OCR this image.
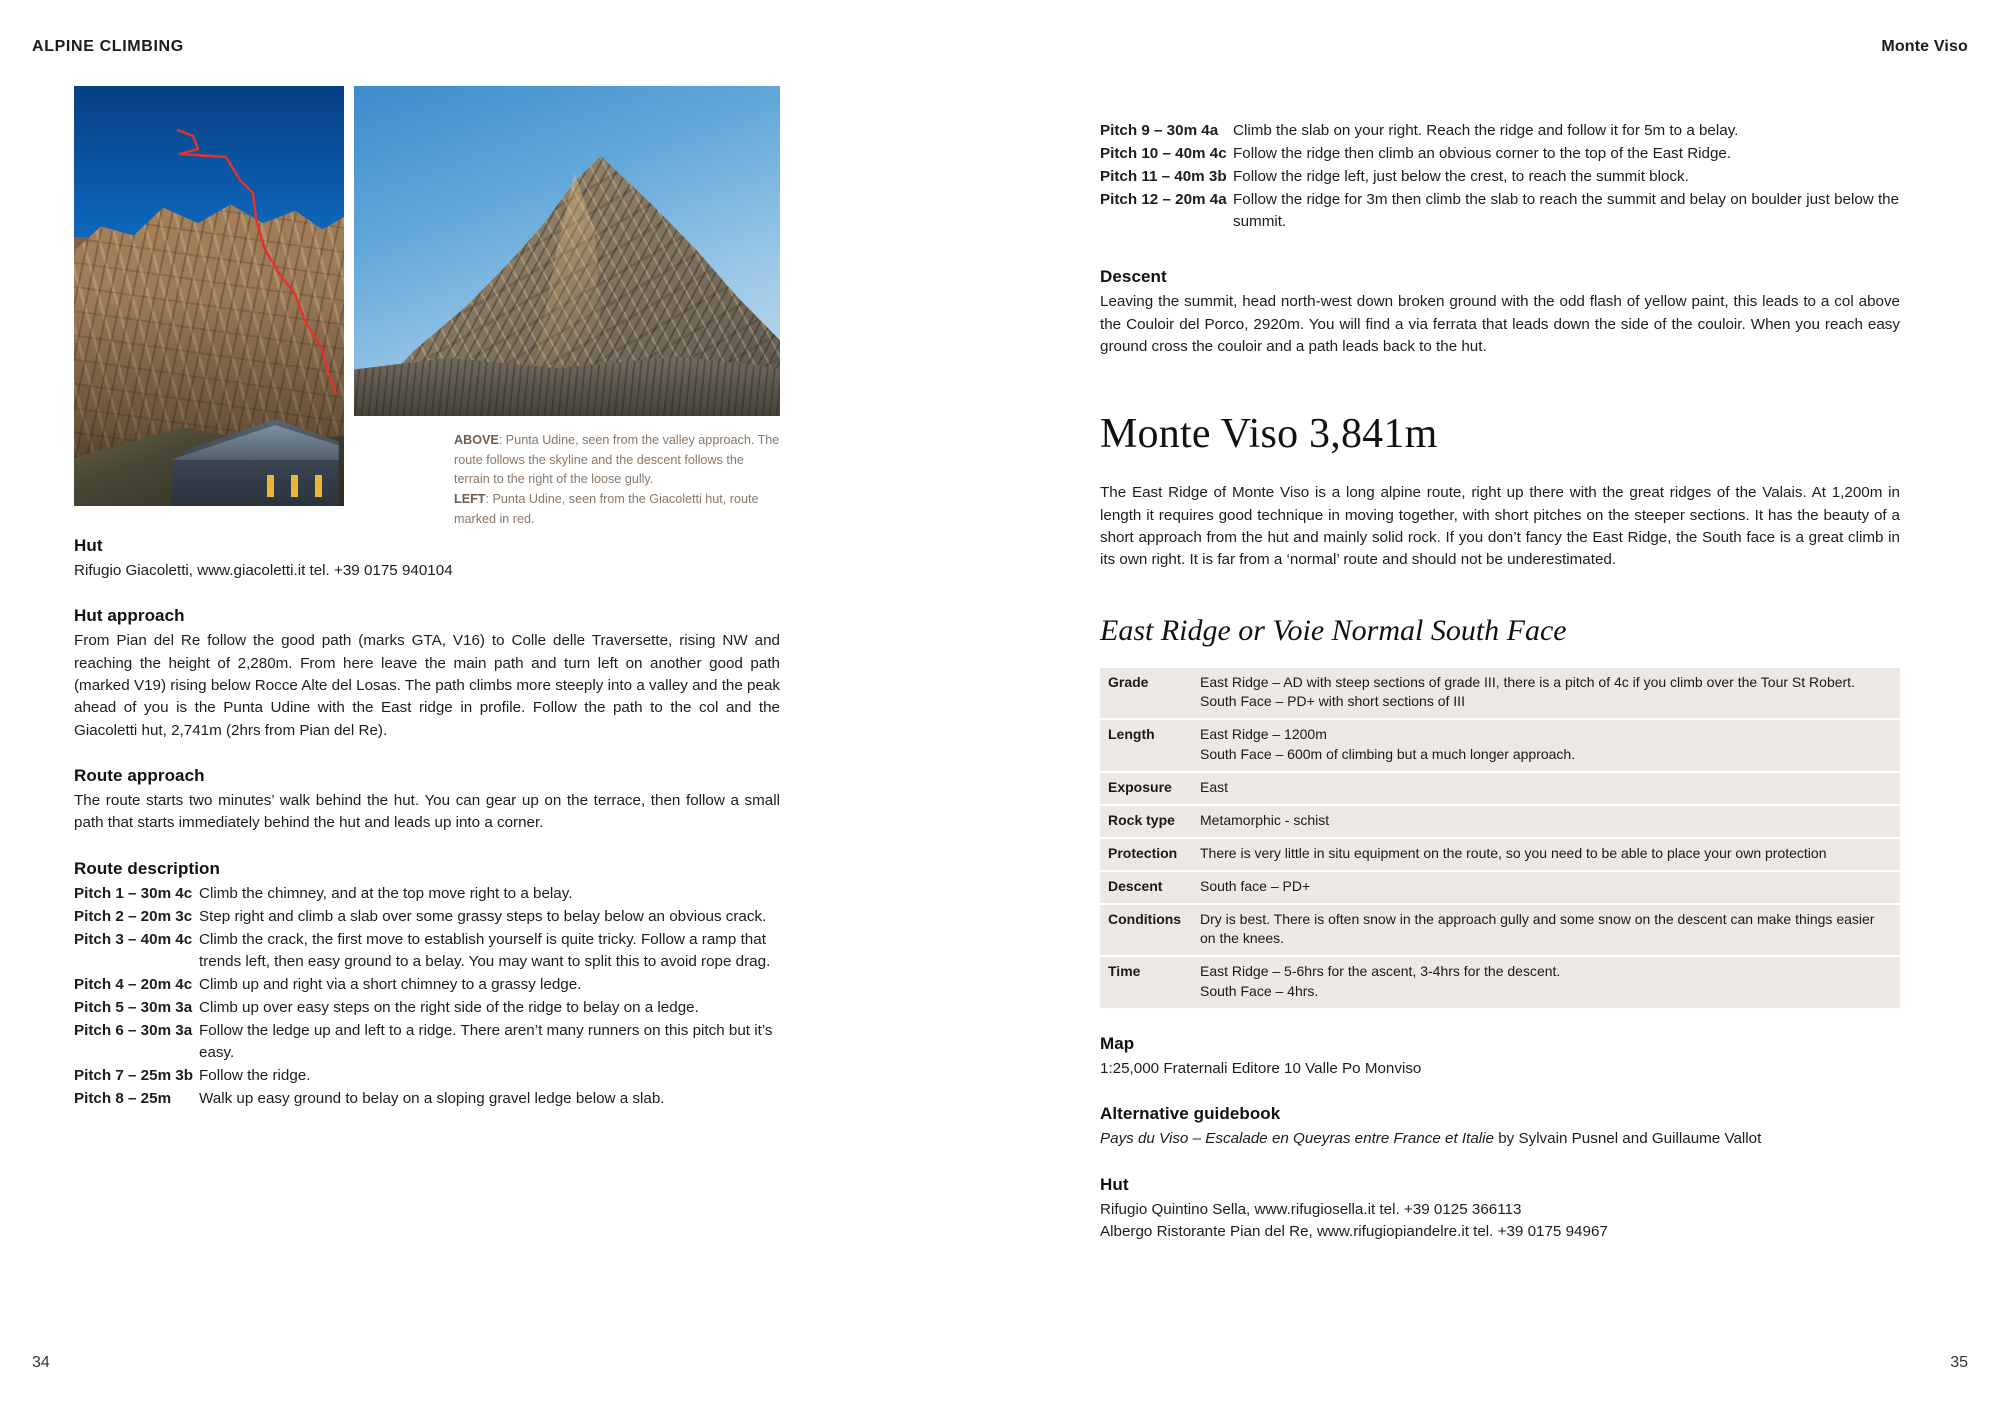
ALPINE CLIMBING	Monte Viso
34	35
ABOVE: Punta Udine, seen from the valley approach. The route follows the skyline and the descent follows the terrain to the right of the loose gully.
LEFT: Punta Udine, seen from the Giacoletti hut, route marked in red.
Hut

Rifugio Giacoletti, www.giacoletti.it tel. +39 0175 940104

Hut approach

From Pian del Re follow the good path (marks GTA, V16) to Colle delle Traversette, rising NW and reaching the height of 2,280m. From here leave the main path and turn left on another good path (marked V19) rising below Rocce Alte del Losas. The path climbs more steeply into a valley and the peak ahead of you is the Punta Udine with the East ridge in profile. Follow the path to the col and the Giacoletti hut, 2,741m (2hrs from Pian del Re).

Route approach

The route starts two minutes’ walk behind the hut. You can gear up on the terrace, then follow a small path that starts immediately behind the hut and leads up into a corner.

Route description
Pitch 1 – 30m 4c Climb the chimney, and at the top move right to a belay.
Pitch 2 – 20m 3c Step right and climb a slab over some grassy steps to belay below an obvious crack.
Pitch 3 – 40m 4c Climb the crack, the first move to establish yourself is quite tricky. Follow a ramp that trends left, then easy ground to a belay. You may want to split this to avoid rope drag.
Pitch 4 – 20m 4c Climb up and right via a short chimney to a grassy ledge.
Pitch 5 – 30m 3a Climb up over easy steps on the right side of the ridge to belay on a ledge.
Pitch 6 – 30m 3a Follow the ledge up and left to a ridge. There aren’t many runners on this pitch but it’s easy.
Pitch 7 – 25m 3b Follow the ridge.
Pitch 8 – 25m	Walk up easy ground to belay on a sloping gravel ledge below a slab.
Pitch 9 – 30m 4a Climb the slab on your right. Reach the ridge and follow it for 5m to a belay.
Pitch 10 – 40m 4c Follow the ridge then climb an obvious corner to the top of the East Ridge.
Pitch 11 – 40m 3b Follow the ridge left, just below the crest, to reach the summit block.
Pitch 12 – 20m 4a Follow the ridge for 3m then climb the slab to reach the summit and belay on boulder just below the summit.
Descent

Leaving the summit, head north-west down broken ground with the odd flash of yellow paint, this leads to a col above the Couloir del Porco, 2920m. You will find a via ferrata that leads down the side of the couloir. When you reach easy ground cross the couloir and a path leads back to the hut.

Monte Viso 3,841m

The East Ridge of Monte Viso is a long alpine route, right up there with the great ridges of the Valais. At 1,200m in length it requires good technique in moving together, with short pitches on the steeper sections. It has the beauty of a short approach from the hut and mainly solid rock. If you don’t fancy the East Ridge, the South face is a great climb in its own right. It is far from a ‘normal’ route and should not be underestimated.

East Ridge or Voie Normal South Face
Grade	East Ridge – AD with steep sections of grade III, there is a pitch of 4c if you climb over the Tour St Robert.
South Face – PD+ with short sections of III

Length	East Ridge – 1200m
South Face – 600m of climbing but a much longer approach.

Exposure	East

Rock type	Metamorphic - schist

Protection	There is very little in situ equipment on the route, so you need to be able to place your own protection

Descent	South face – PD+

Conditions	Dry is best. There is often snow in the approach gully and some snow on the descent can make things easier on the knees.

Time	East Ridge – 5-6hrs for the ascent, 3-4hrs for the descent.
South Face – 4hrs.
Map

1:25,000 Fraternali Editore 10 Valle Po Monviso

Alternative guidebook

Pays du Viso – Escalade en Queyras entre France et Italie by Sylvain Pusnel and Guillaume Vallot

Hut

Rifugio Quintino Sella, www.rifugiosella.it tel. +39 0125 366113

Albergo Ristorante Pian del Re, www.rifugiopiandelre.it tel. +39 0175 94967
